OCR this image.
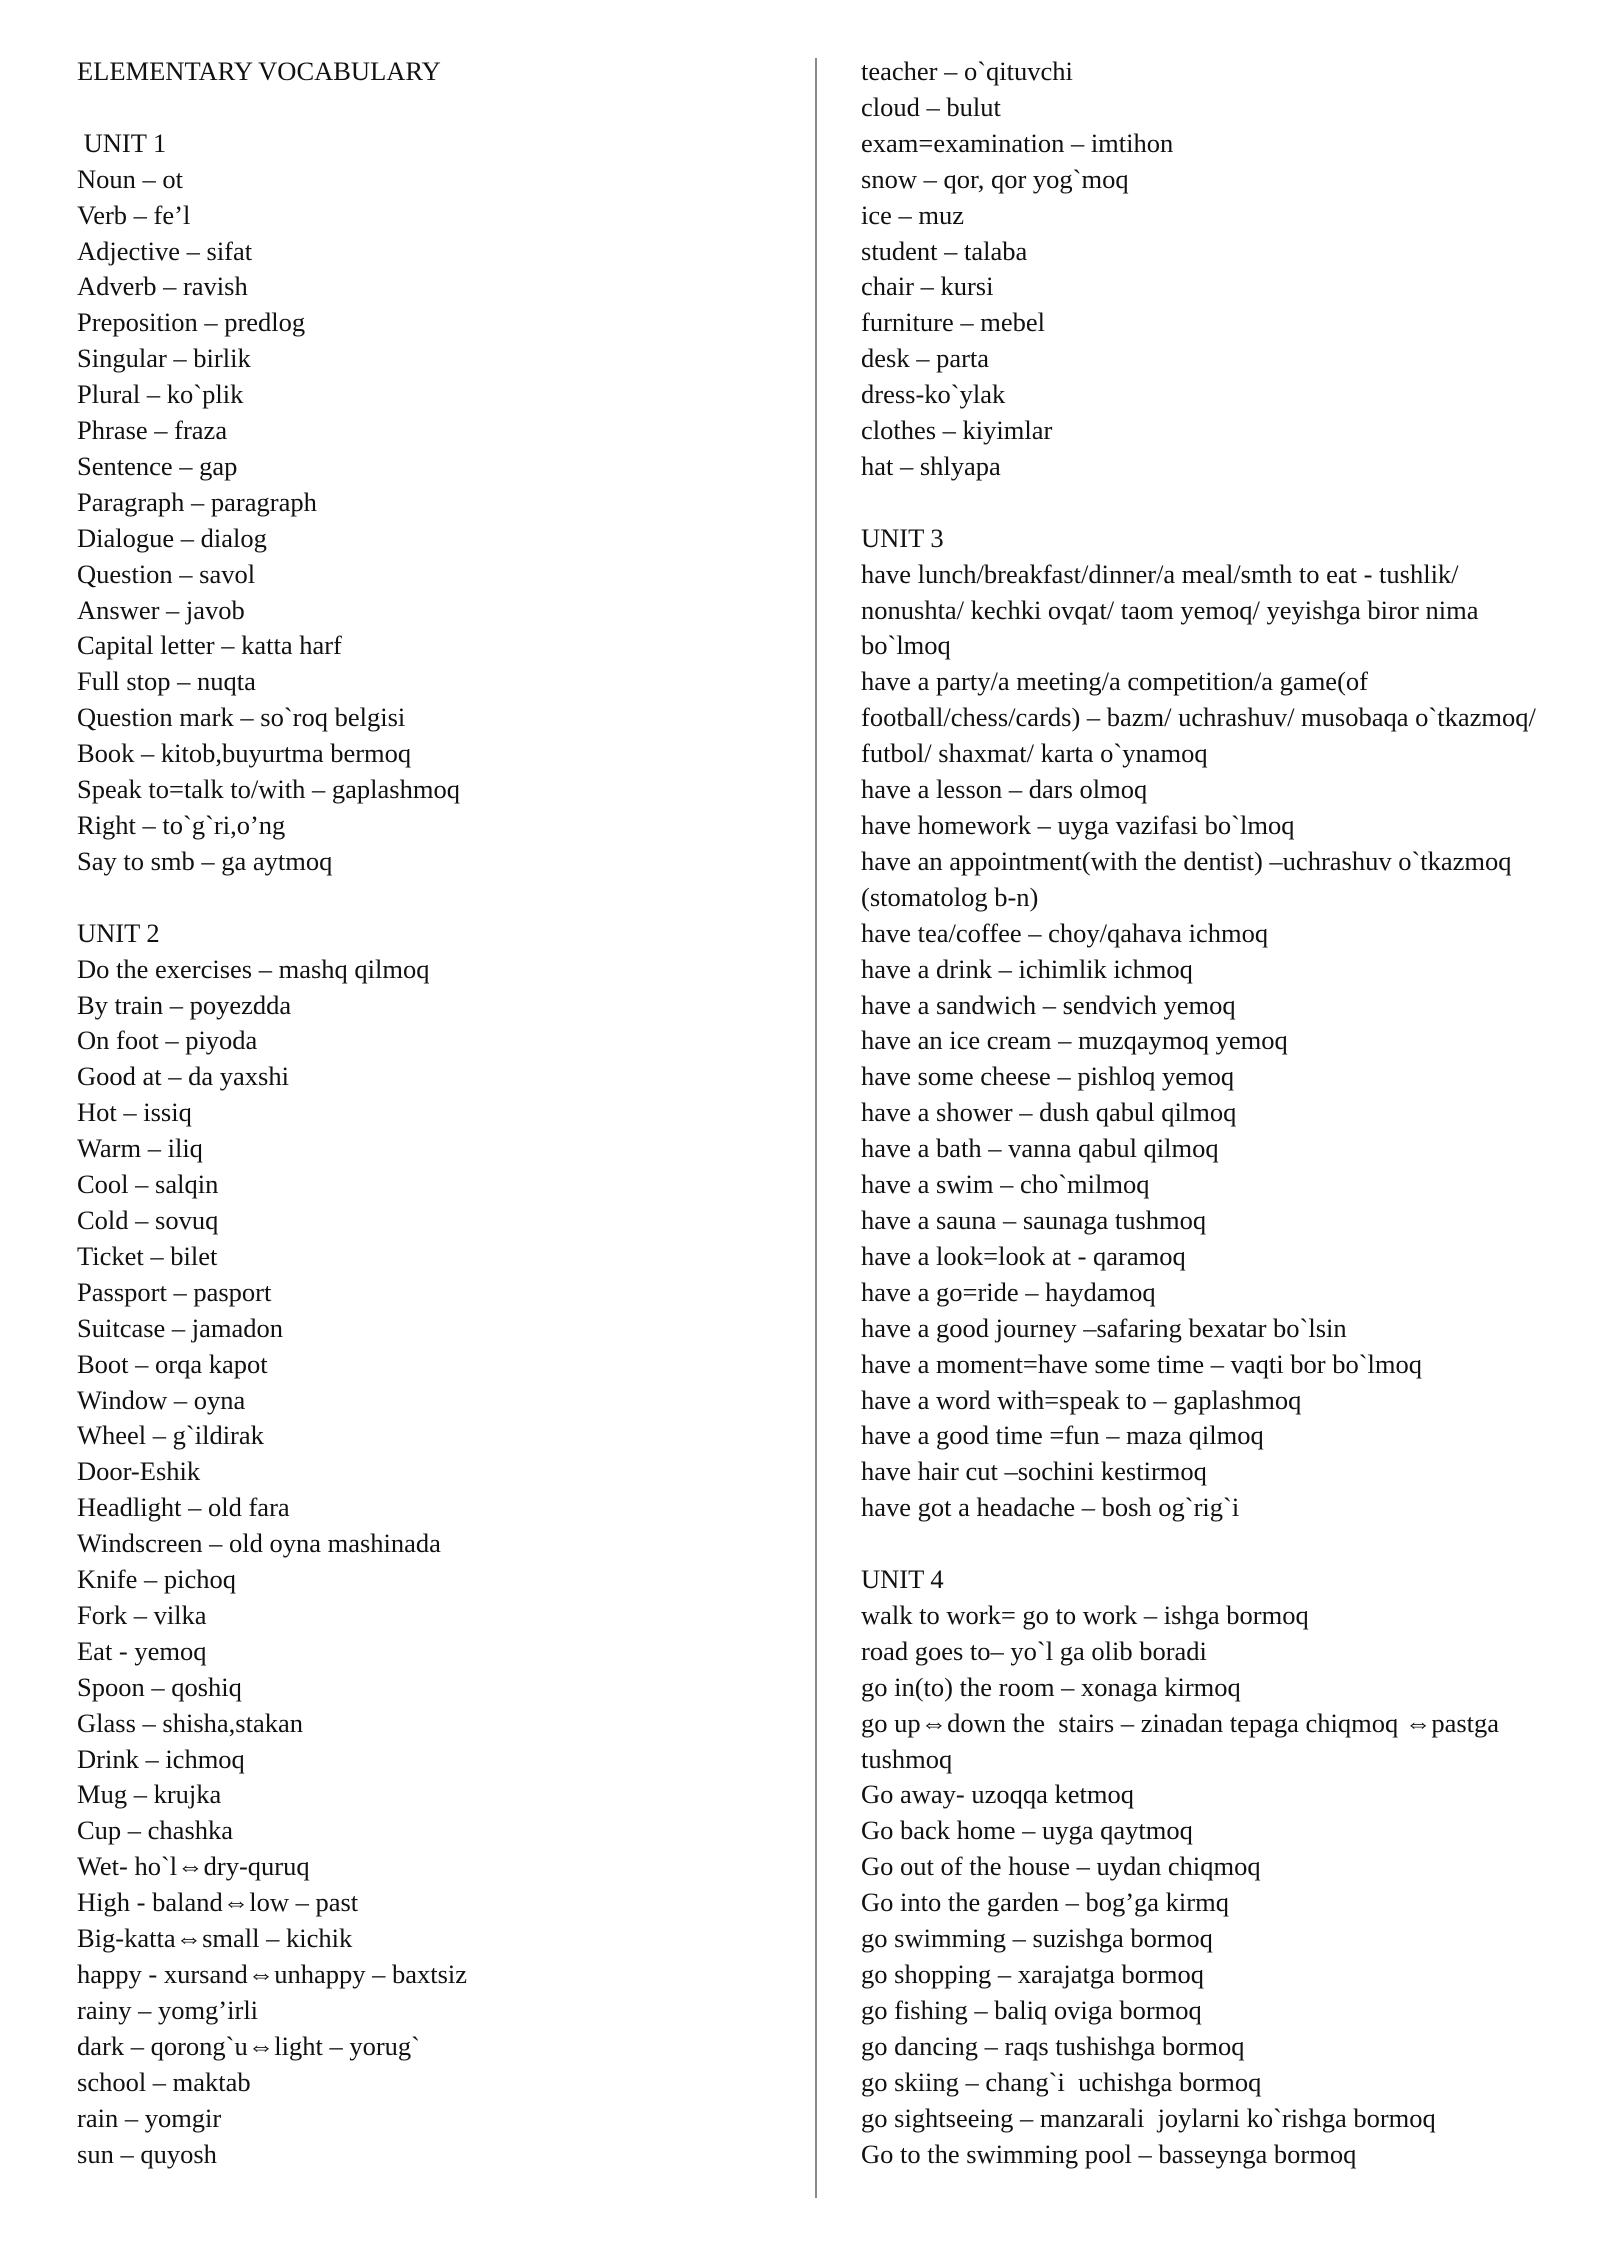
ELEMENTARY VOCABULARY
UNIT 1
Noun – ot
Verb – fe’l
Adjective – sifat
Adverb – ravish
Preposition – predlog
Singular – birlik
Plural – ko`plik
Phrase – fraza
Sentence – gap
Paragraph – paragraph
Dialogue – dialog
Question – savol
Answer – javob
Capital letter – katta harf
Full stop – nuqta
Question mark – so`roq belgisi
Book – kitob,buyurtma bermoq
Speak to=talk to/with – gaplashmoq
Right – to`g`ri,o’ng
Say to smb – ga aytmoq
UNIT 2
Do the exercises – mashq qilmoq
By train – poyezdda
On foot – piyoda
Good at – da yaxshi
Hot – issiq
Warm – iliq
Cool – salqin
Cold – sovuq
Ticket – bilet
Passport – pasport
Suitcase – jamadon
Boot – orqa kapot
Window – oyna
Wheel – g`ildirak
Door-Eshik
Headlight – old fara
Windscreen – old oyna mashinada
Knife – pichoq
Fork – vilka
Eat - yemoq
Spoon – qoshiq
Glass – shisha,stakan
Drink – ichmoq
Mug – krujka
Cup – chashka
Wet- ho`l⇔dry-quruq
High - baland⇔low – past
Big-katta⇔small – kichik
happy - xursand⇔unhappy – baxtsiz
rainy – yomg’irli
dark – qorong`u⇔light – yorug`
school – maktab
rain – yomgir
sun – quyosh
teacher – o`qituvchi
cloud – bulut
exam=examination – imtihon
snow – qor, qor yog`moq
ice – muz
student – talaba
chair – kursi
furniture – mebel
desk – parta
dress-ko`ylak
clothes – kiyimlar
hat – shlyapa
UNIT 3
have lunch/breakfast/dinner/a meal/smth to eat - tushlik/
nonushta/ kechki ovqat/ taom yemoq/ yeyishga biror nima
bo`lmoq
have a party/a meeting/a competition/a game(of
football/chess/cards) – bazm/ uchrashuv/ musobaqa o`tkazmoq/
futbol/ shaxmat/ karta o`ynamoq
have a lesson – dars olmoq
have homework – uyga vazifasi bo`lmoq
have an appointment(with the dentist) –uchrashuv o`tkazmoq
(stomatolog b-n)
have tea/coffee – choy/qahava ichmoq
have a drink – ichimlik ichmoq
have a sandwich – sendvich yemoq
have an ice cream – muzqaymoq yemoq
have some cheese – pishloq yemoq
have a shower – dush qabul qilmoq
have a bath – vanna qabul qilmoq
have a swim – cho`milmoq
have a sauna – saunaga tushmoq
have a look=look at - qaramoq
have a go=ride – haydamoq
have a good journey –safaring bexatar bo`lsin
have a moment=have some time – vaqti bor bo`lmoq
have a word with=speak to – gaplashmoq
have a good time =fun – maza qilmoq
have hair cut –sochini kestirmoq
have got a headache – bosh og`rig`i
UNIT 4
walk to work= go to work – ishga bormoq
road goes to– yo`l ga olib boradi
go in(to) the room – xonaga kirmoq
go up⇔down the  stairs – zinadan tepaga chiqmoq ⇔pastga
tushmoq
Go away- uzoqqa ketmoq
Go back home – uyga qaytmoq
Go out of the house – uydan chiqmoq
Go into the garden – bog’ga kirmq
go swimming – suzishga bormoq
go shopping – xarajatga bormoq
go fishing – baliq oviga bormoq
go dancing – raqs tushishga bormoq
go skiing – chang`i  uchishga bormoq
go sightseeing – manzarali  joylarni ko`rishga bormoq
Go to the swimming pool – basseynga bormoq
